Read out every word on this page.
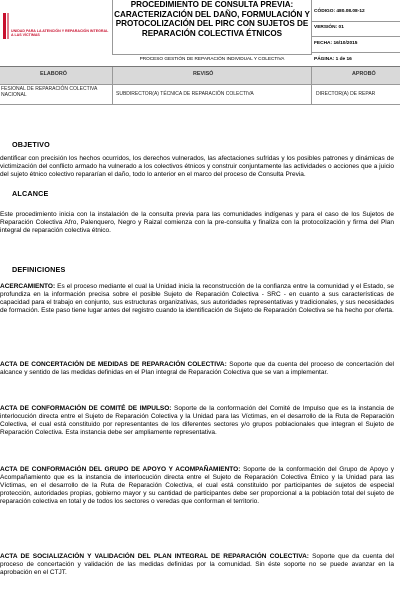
UNIDAD PARA LA ATENCIÓN Y REPARACIÓN INTEGRAL A LAS VÍCTIMAS
PROCEDIMIENTO DE CONSULTA PREVIA: CARACTERIZACIÓN DEL DAÑO, FORMULACIÓN Y PROTOCOLIZACIÓN DEL PIRC CON SUJETOS DE REPARACIÓN COLECTIVA ÉTNICOS
PROCESO GESTIÓN DE REPARACIÓN INDIVIDUAL Y COLECTIVA
CÓDIGO: 480.08.08-12
VERSIÓN: 01
FECHA: 16/10/2015
PÁGINA: 1 de 16
ELABORÓ	REVISÓ	APROBÓ
FESIONAL DE REPARACIÓN COLECTIVA NACIONAL	SUBDIRECTOR(A) TÉCNICA DE REPARACIÓN COLECTIVA	DIRECTOR(A) DE REPAR
OBJETIVO
dentificar con precisión los hechos ocurridos, los derechos vulnerados, las afectaciones sufridas y los posibles patrones y dinámicas de victimización del conflicto armado ha vulnerado a los colectivos étnicos y construir conjuntamente las actividades o acciones que a juicio del sujeto étnico colectivo repararían el daño, todo lo anterior en el marco del proceso de Consulta Previa.
ALCANCE
Este procedimiento inicia con la instalación de la consulta previa para las comunidades indígenas y para el caso de los Sujetos de Reparación Colectiva Afro, Palenquero, Negro y Raizal comienza con la pre-consulta y finaliza con la protocolización y firma del Plan integral de reparación colectiva étnico.
DEFINICIONES
ACERCAMIENTO: Es el proceso mediante el cual la Unidad inicia la reconstrucción de la confianza entre la comunidad y el Estado, se profundiza en la información precisa sobre el posible Sujeto de Reparación Colectiva - SRC - en cuanto a sus características de capacidad para el trabajo en conjunto, sus estructuras organizativas, sus autoridades representativas y tradicionales, y sus necesidades de formación. Este paso tiene lugar antes del registro cuando la identificación de Sujeto de Reparación Colectiva se ha hecho por oferta.
ACTA DE CONCERTACIÓN DE MEDIDAS DE REPARACIÓN COLECTIVA: Soporte que da cuenta del proceso de concertación del alcance y sentido de las medidas definidas en el Plan integral de Reparación Colectiva que se van a implementar.
ACTA DE CONFORMACIÓN DE COMITÉ DE IMPULSO: Soporte de la conformación del Comité de Impulso que es la instancia de interlocución directa entre el Sujeto de Reparación Colectiva y la Unidad para las Víctimas, en el desarrollo de la Ruta de Reparación Colectiva, el cual está constituido por representantes de los diferentes sectores y/o grupos poblacionales que integran el Sujeto de Reparación Colectiva. Esta instancia debe ser ampliamente representativa.
ACTA DE CONFORMACIÓN DEL GRUPO DE APOYO Y ACOMPAÑAMIENTO: Soporte de la conformación del Grupo de Apoyo y Acompañamiento que es la instancia de interlocución directa entre el Sujeto de Reparación Colectiva Étnico y la Unidad para las Víctimas, en el desarrollo de la Ruta de Reparación Colectiva, el cual está constituido por participantes de sujetos de especial protección, autoridades propias, gobierno mayor y su cantidad de participantes debe ser proporcional a la población total del sujeto de reparación colectiva en total y de todos los sectores o veredas que conforman el territorio.
ACTA DE SOCIALIZACIÓN Y VALIDACIÓN DEL PLAN INTEGRAL DE REPARACIÓN COLECTIVA: Soporte que da cuenta del proceso de concertación y validación de las medidas definidas por la comunidad. Sin éste soporte no se puede avanzar en la aprobación en el CTJT.
